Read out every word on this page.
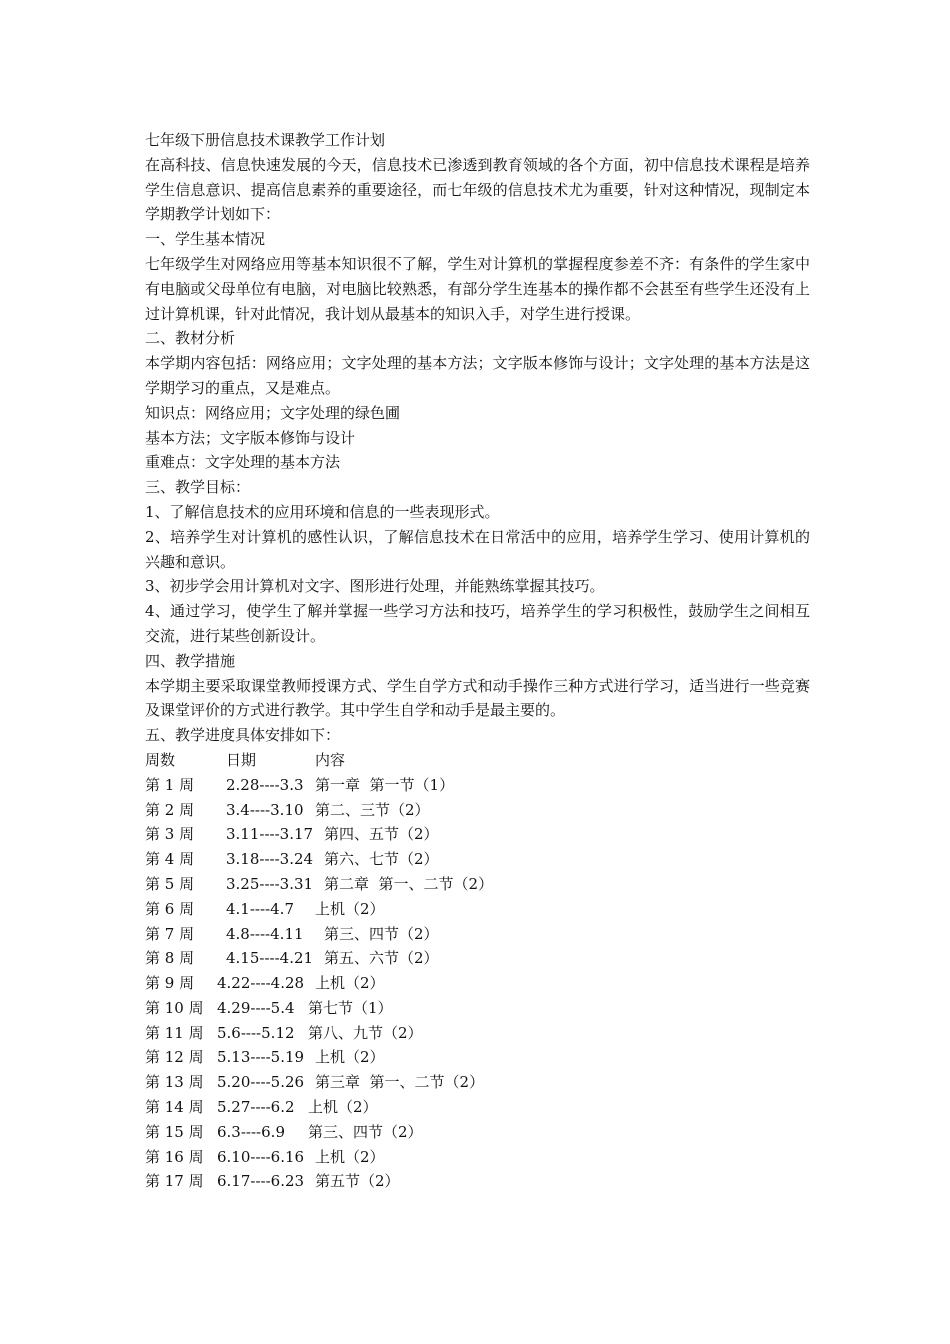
七年级下册信息技术课教学工作计划
在高科技、信息快速发展的今天，信息技术已渗透到教育领域的各个方面，初中信息技术课程是培养学生信息意识、提高信息素养的重要途径，而七年级的信息技术尤为重要，针对这种情况，现制定本学期教学计划如下：
一、学生基本情况
七年级学生对网络应用等基本知识很不了解，学生对计算机的掌握程度参差不齐：有条件的学生家中有电脑或父母单位有电脑，对电脑比较熟悉，有部分学生连基本的操作都不会甚至有些学生还没有上过计算机课，针对此情况，我计划从最基本的知识入手，对学生进行授课。
二、教材分析
本学期内容包括：网络应用；文字处理的基本方法；文字版本修饰与设计；文字处理的基本方法是这学期学习的重点，又是难点。
知识点：网络应用；文字处理的绿色圃
基本方法；文字版本修饰与设计
重难点：文字处理的基本方法
三、教学目标：
1、了解信息技术的应用环境和信息的一些表现形式。
2、培养学生对计算机的感性认识，了解信息技术在日常活中的应用，培养学生学习、使用计算机的兴趣和意识。
3、初步学会用计算机对文字、图形进行处理，并能熟练掌握其技巧。
4、通过学习，使学生了解并掌握一些学习方法和技巧，培养学生的学习积极性，鼓励学生之间相互交流，进行某些创新设计。
四、教学措施
本学期主要采取课堂教师授课方式、学生自学方式和动手操作三种方式进行学习，适当进行一些竞赛及课堂评价的方式进行教学。其中学生自学和动手是最主要的。
五、教学进度具体安排如下：

周数

	日期

	内容

第 1 周 2.28----3.3 第一章  第一节（1）
第 2 周 3.4----3.10 第二、三节（2）
第 3 周 3.11----3.17 第四、五节（2）
第 4 周 3.18----3.24 第六、七节（2）
第 5 周 3.25----3.31 第二章  第一、二节（2）
第 6 周 4.1----4.7 上机（2）
第 7 周 4.8----4.11 第三、四节（2）
第 8 周 4.15----4.21 第五、六节（2）
第 9 周 4.22----4.28 上机（2）
第 10 周 4.29----5.4 第七节（1）
第 11 周 5.6----5.12 第八、九节（2）
第 12 周 5.13----5.19 上机（2）
第 13 周 5.20----5.26 第三章  第一、二节（2）
第 14 周 5.27----6.2 上机（2）
第 15 周 6.3----6.9 第三、四节（2）
第 16 周 6.10----6.16 上机（2）
第 17 周 6.17----6.23 第五节（2）
